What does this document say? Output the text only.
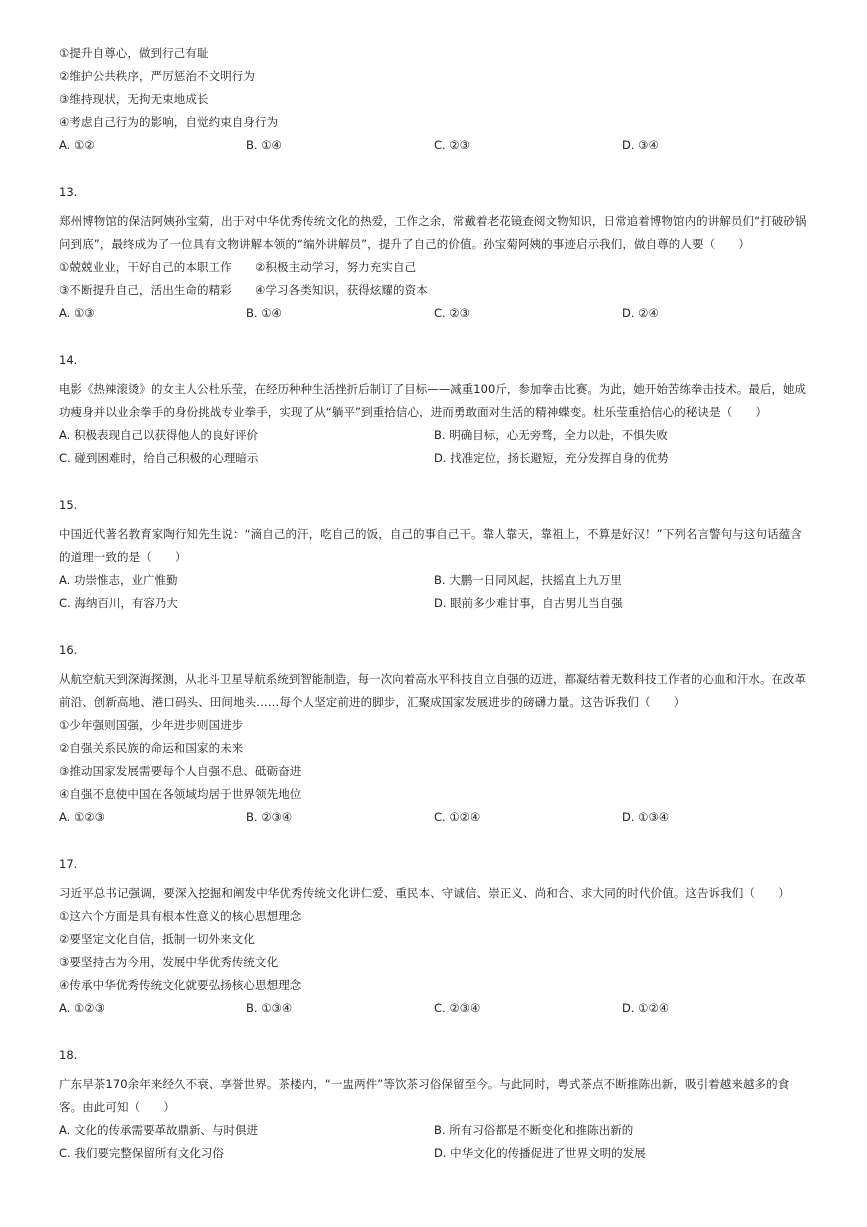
①提升自尊心，做到行己有耻
②维护公共秩序，严厉惩治不文明行为
③维持现状，无拘无束地成长
④考虑自己行为的影响，自觉约束自身行为
A. ①②	B. ①④	C. ②③	D. ③④
13.
郑州博物馆的保洁阿姨孙宝菊，出于对中华优秀传统文化的热爱，工作之余，常戴着老花镜查阅文物知识，日常追着博物馆内的讲解员们“打破砂锅
问到底”，最终成为了一位具有文物讲解本领的“编外讲解员”，提升了自己的价值。孙宝菊阿姨的事迹启示我们，做自尊的人要（　　）
①兢兢业业，干好自己的本职工作　　②积极主动学习，努力充实自己
③不断提升自己，活出生命的精彩　　④学习各类知识，获得炫耀的资本
A. ①③	B. ①④	C. ②③	D. ②④
14.
电影《热辣滚烫》的女主人公杜乐莹，在经历种种生活挫折后制订了目标——减重100斤，参加拳击比赛。为此，她开始苦练拳击技术。最后，她成
功瘦身并以业余拳手的身份挑战专业拳手，实现了从“躺平”到重拾信心，进而勇敢面对生活的精神蝶变。杜乐莹重拾信心的秘诀是（　　）
A. 积极表现自己以获得他人的良好评价	B. 明确目标，心无旁骛，全力以赴，不惧失败
C. 碰到困难时，给自己积极的心理暗示	D. 找准定位，扬长避短，充分发挥自身的优势
15.
中国近代著名教育家陶行知先生说：“滴自己的汗，吃自己的饭，自己的事自己干。靠人靠天，靠祖上，不算是好汉！”下列名言警句与这句话蕴含
的道理一致的是（　　）
A. 功崇惟志，业广惟勤	B. 大鹏一日同风起，扶摇直上九万里
C. 海纳百川，有容乃大	D. 眼前多少难甘事，自古男儿当自强
16.
从航空航天到深海探测，从北斗卫星导航系统到智能制造，每一次向着高水平科技自立自强的迈进，都凝结着无数科技工作者的心血和汗水。在改革
前沿、创新高地、港口码头、田间地头……每个人坚定前进的脚步，汇聚成国家发展进步的磅礴力量。这告诉我们（　　）
①少年强则国强，少年进步则国进步
②自强关系民族的命运和国家的未来
③推动国家发展需要每个人自强不息、砥砺奋进
④自强不息使中国在各领域均居于世界领先地位
A. ①②③	B. ②③④	C. ①②④	D. ①③④
17.
习近平总书记强调，要深入挖掘和阐发中华优秀传统文化讲仁爱、重民本、守诚信、崇正义、尚和合、求大同的时代价值。这告诉我们（　　）
①这六个方面是具有根本性意义的核心思想理念
②要坚定文化自信，抵制一切外来文化
③要坚持古为今用，发展中华优秀传统文化
④传承中华优秀传统文化就要弘扬核心思想理念
A. ①②③	B. ①③④	C. ②③④	D. ①②④
18.
广东早茶170余年来经久不衰、享誉世界。茶楼内，“一盅两件”等饮茶习俗保留至今。与此同时，粤式茶点不断推陈出新，吸引着越来越多的食
客。由此可知（　　）
A. 文化的传承需要革故鼎新、与时俱进	B. 所有习俗都是不断变化和推陈出新的
C. 我们要完整保留所有文化习俗	D. 中华文化的传播促进了世界文明的发展
